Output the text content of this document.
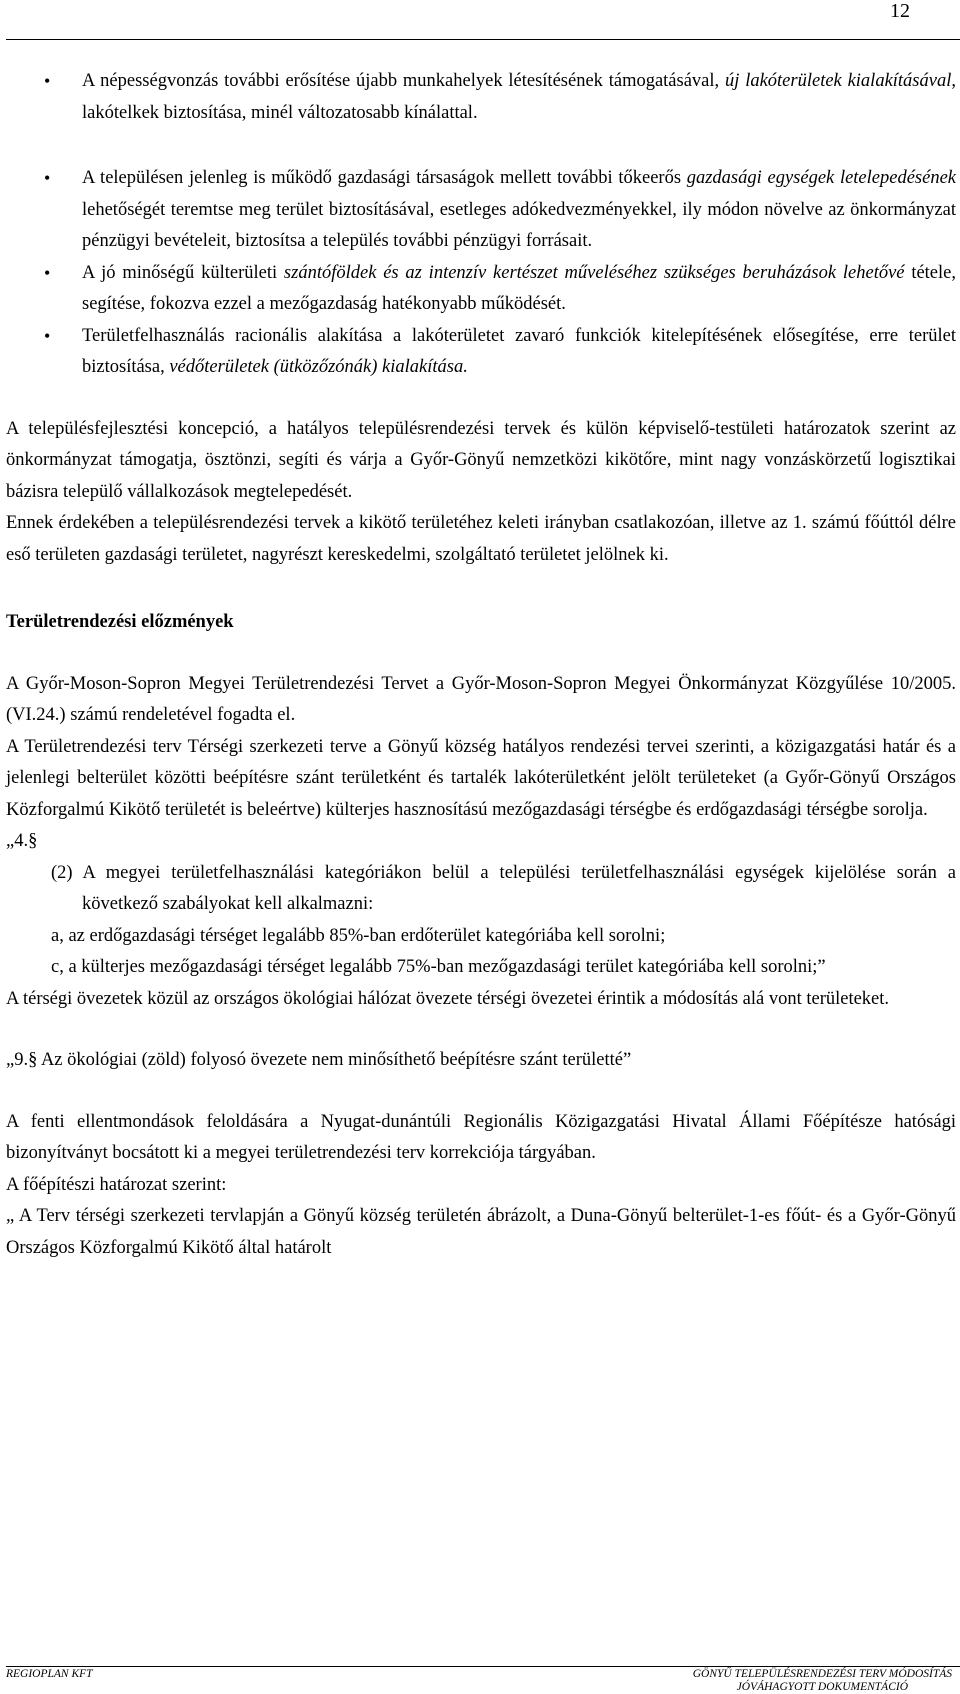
12
• A népességvonzás további erősítése újabb munkahelyek létesítésének támogatásával, új lakóterületek kialakításával, lakótelkek biztosítása, minél változatosabb kínálattal.
• A településen jelenleg is működő gazdasági társaságok mellett további tőkeerős gazdasági egységek letelepedésének lehetőségét teremtse meg terület biztosításával, esetleges adókedvezményekkel, ily módon növelve az önkormányzat pénzügyi bevételeit, biztosítsa a település további pénzügyi forrásait.
• A jó minőségű külterületi szántóföldek és az intenzív kertészet műveléséhez szükséges beruházások lehetővé tétele, segítése, fokozva ezzel a mezőgazdaság hatékonyabb működését.
• Területfelhasználás racionális alakítása a lakóterületet zavaró funkciók kitelepítésének elősegítése, erre terület biztosítása, védőterületek (ütközőzónák) kialakítása.

A településfejlesztési koncepció, a hatályos településrendezési tervek és külön képviselő-testületi határozatok szerint az önkormányzat támogatja, ösztönzi, segíti és várja a Győr-Gönyű nemzetközi kikötőre, mint nagy vonzáskörzetű logisztikai bázisra települő vállalkozások megtelepedését.

Ennek érdekében a településrendezési tervek a kikötő területéhez keleti irányban csatlakozóan, illetve az 1. számú főúttól délre eső területen gazdasági területet, nagyrészt kereskedelmi, szolgáltató területet jelölnek ki.

Területrendezési előzmények

A Győr-Moson-Sopron Megyei Területrendezési Tervet a Győr-Moson-Sopron Megyei Önkormányzat Közgyűlése 10/2005.(VI.24.) számú rendeletével fogadta el.

A Területrendezési terv Térségi szerkezeti terve a Gönyű község hatályos rendezési tervei szerinti, a közigazgatási határ és a jelenlegi belterület közötti beépítésre szánt területként és tartalék lakóterületként jelölt területeket (a Győr-Gönyű Országos Közforgalmú Kikötő területét is beleértve) külterjes hasznosítású mezőgazdasági térségbe és erdőgazdasági térségbe sorolja.

„4.§

(2) A megyei területfelhasználási kategóriákon belül a települési területfelhasználási egységek kijelölése során a következő szabályokat kell alkalmazni:

a, az erdőgazdasági térséget legalább 85%-ban erdőterület kategóriába kell sorolni;

c, a külterjes mezőgazdasági térséget legalább 75%-ban mezőgazdasági terület kategóriába kell sorolni;”

A térségi övezetek közül az országos ökológiai hálózat övezete térségi övezetei érintik a módosítás alá vont területeket.

„9.§ Az ökológiai (zöld) folyosó övezete nem minősíthető beépítésre szánt területté”

A fenti ellentmondások feloldására a Nyugat-dunántúli Regionális Közigazgatási Hivatal Állami Főépítésze hatósági bizonyítványt bocsátott ki a megyei területrendezési terv korrekciója tárgyában.

A főépítészi határozat szerint:

„ A Terv térségi szerkezeti tervlapján a Gönyű község területén ábrázolt, a Duna-Gönyű belterület-1-es főút- és a Győr-Gönyű Országos Közforgalmú Kikötő által határolt

REGIOPLAN KFT	GÖNYŰ TELEPÜLÉSRENDEZÉSI TERV MÓDOSÍTÁS
JÓVÁHAGYOTT DOKUMENTÁCIÓ
